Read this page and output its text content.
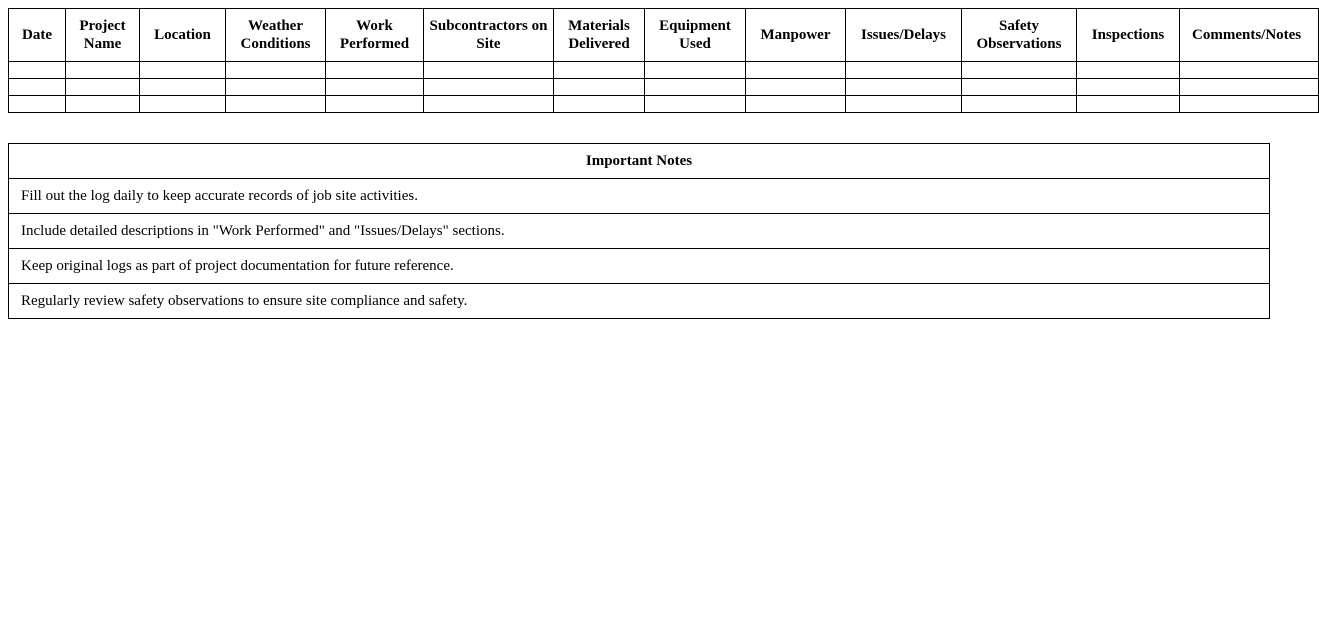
Date	Project Name	Location	Weather Conditions	Work Performed	Subcontractors on Site	Materials Delivered	Equipment Used	Manpower	Issues/Delays	Safety Observations	Inspections	Comments/Notes

Important Notes
Fill out the log daily to keep accurate records of job site activities.
Include detailed descriptions in "Work Performed" and "Issues/Delays" sections.
Keep original logs as part of project documentation for future reference.
Regularly review safety observations to ensure site compliance and safety.
